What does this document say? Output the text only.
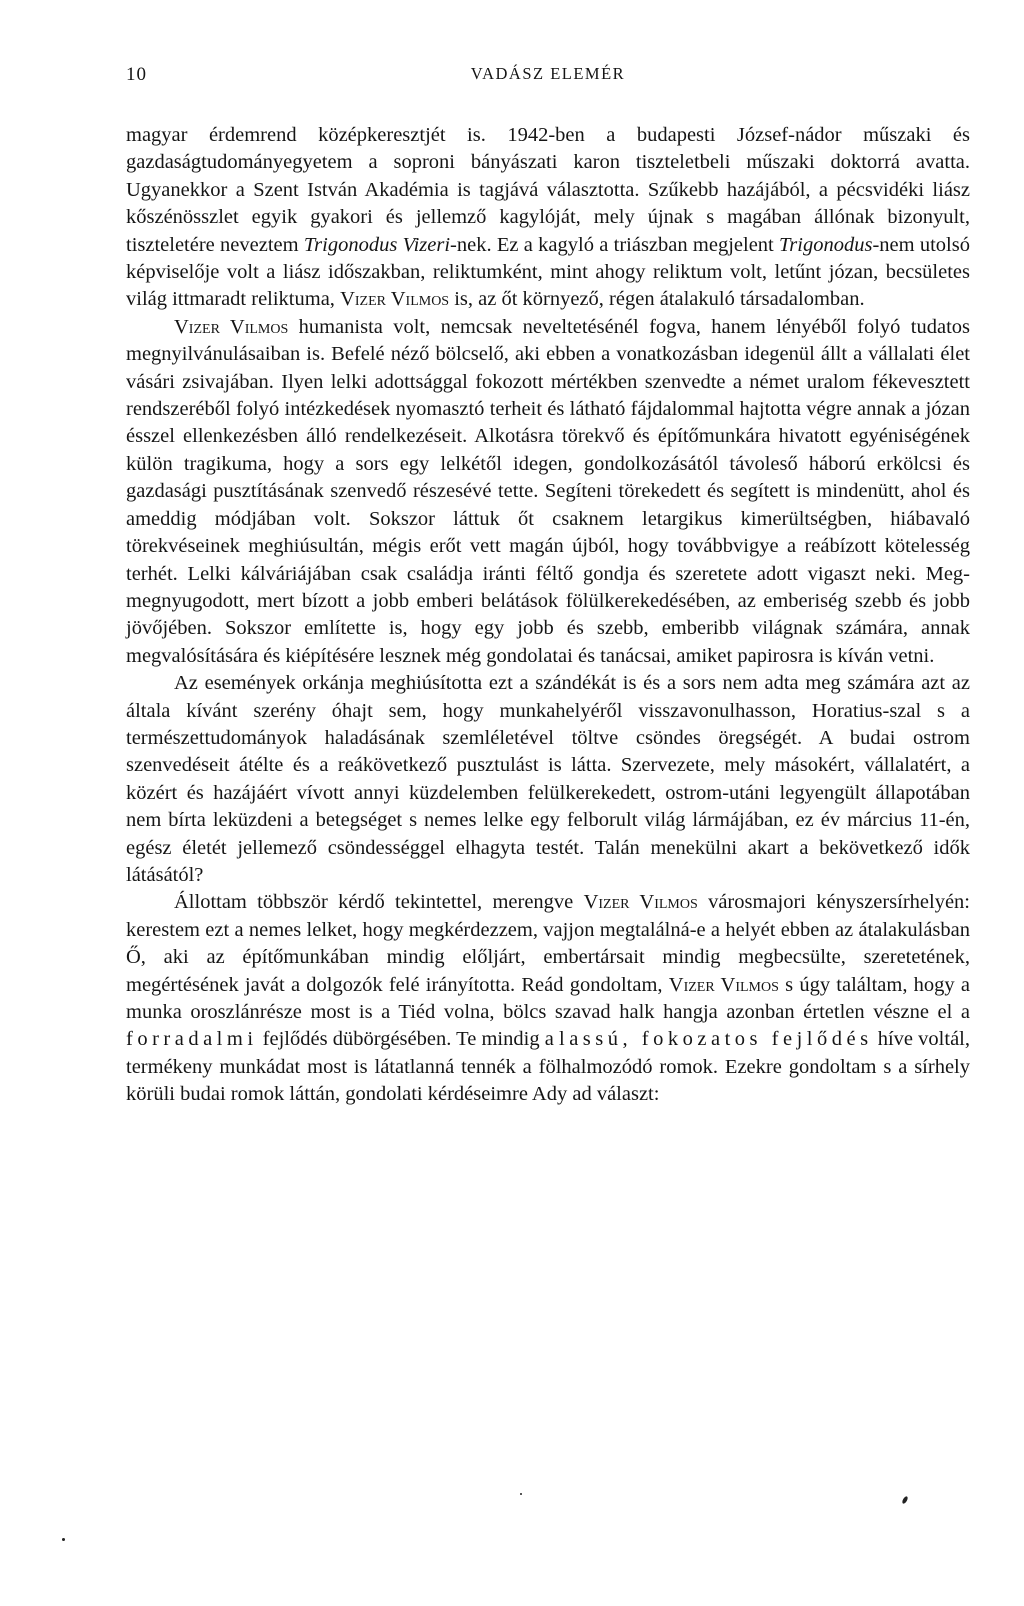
10	VADÁSZ ELEMÉR

magyar érdemrend középkeresztjét is. 1942-ben a budapesti József-nádor műszaki és gazdaságtudományegyetem a soproni bányászati karon tiszteletbeli műszaki doktorrá avatta. Ugyanekkor a Szent István Akadémia is tagjává választotta. Szűkebb hazájából, a pécsvidéki liász kőszénösszlet egyik gyakori és jellemző kagylóját, mely újnak s magában állónak bizonyult, tiszteletére neveztem Trigonodus Vizeri-nek. Ez a kagyló a triászban megjelent Trigonodus-nem utolsó képviselője volt a liász időszakban, reliktumként, mint ahogy reliktum volt, letűnt józan, becsületes világ ittmaradt reliktuma, Vizer Vilmos is, az őt környező, régen átalakuló társadalomban.

Vizer Vilmos humanista volt, nemcsak neveltetésénél fogva, hanem lényéből folyó tudatos megnyilvánulásaiban is. Befelé néző bölcselő, aki ebben a vonatkozásban idegenül állt a vállalati élet vásári zsivajában. Ilyen lelki adottsággal fokozott mértékben szenvedte a német uralom fékevesztett rendszeréből folyó intézkedések nyomasztó terheit és látható fájdalommal hajtotta végre annak a józan ésszel ellenkezésben álló rendelkezéseit. Alkotásra törekvő és építőmunkára hivatott egyéniségének külön tragikuma, hogy a sors egy lelkétől idegen, gondolkozásától távoleső háború erkölcsi és gazdasági pusztításának szenvedő részesévé tette. Segíteni törekedett és segített is mindenütt, ahol és ameddig módjában volt. Sokszor láttuk őt csaknem letargikus kimerültségben, hiábavaló törekvéseinek meghiúsultán, mégis erőt vett magán újból, hogy továbbvigye a reábízott kötelesség terhét. Lelki kálváriájában csak családja iránti féltő gondja és szeretete adott vigaszt neki. Meg-megnyugodott, mert bízott a jobb emberi belátások fölülkerekedésében, az emberiség szebb és jobb jövőjében. Sokszor említette is, hogy egy jobb és szebb, emberibb világnak számára, annak megvalósítására és kiépítésére lesznek még gondolatai és tanácsai, amiket papirosra is kíván vetni.

Az események orkánja meghiúsította ezt a szándékát is és a sors nem adta meg számára azt az általa kívánt szerény óhajt sem, hogy munkahelyéről visszavonulhasson, Horatius-szal s a természettudományok haladásának szemléletével töltve csöndes öregségét. A budai ostrom szenvedéseit átélte és a reákövetkező pusztulást is látta. Szervezete, mely másokért, vállalatért, a közért és hazájáért vívott annyi küzdelemben felülkerekedett, ostrom-utáni legyengült állapotában nem bírta leküzdeni a betegséget s nemes lelke egy felborult világ lármájában, ez év március 11-én, egész életét jellemező csöndességgel elhagyta testét. Talán menekülni akart a bekövetkező idők látásától?

Állottam többször kérdő tekintettel, merengve Vizer Vilmos városmajori kényszersírhelyén: kerestem ezt a nemes lelket, hogy megkérdezzem, vajjon megtalálná-e a helyét ebben az átalakulásban Ő, aki az építőmunkában mindig előljárt, embertársait mindig megbecsülte, szeretetének, megértésének javát a dolgozók felé irányította. Reád gondoltam, Vizer Vilmos s úgy találtam, hogy a munka oroszlánrésze most is a Tiéd volna, bölcs szavad halk hangja azonban értetlen vészne el a forradalmi fejlődés dübörgésében. Te mindig a lassú, fokozatos fejlődés híve voltál, termékeny munkádat most is látatlanná tennék a fölhalmozódó romok. Ezekre gondoltam s a sírhely körüli budai romok láttán, gondolati kérdéseimre Ady ad választ:
